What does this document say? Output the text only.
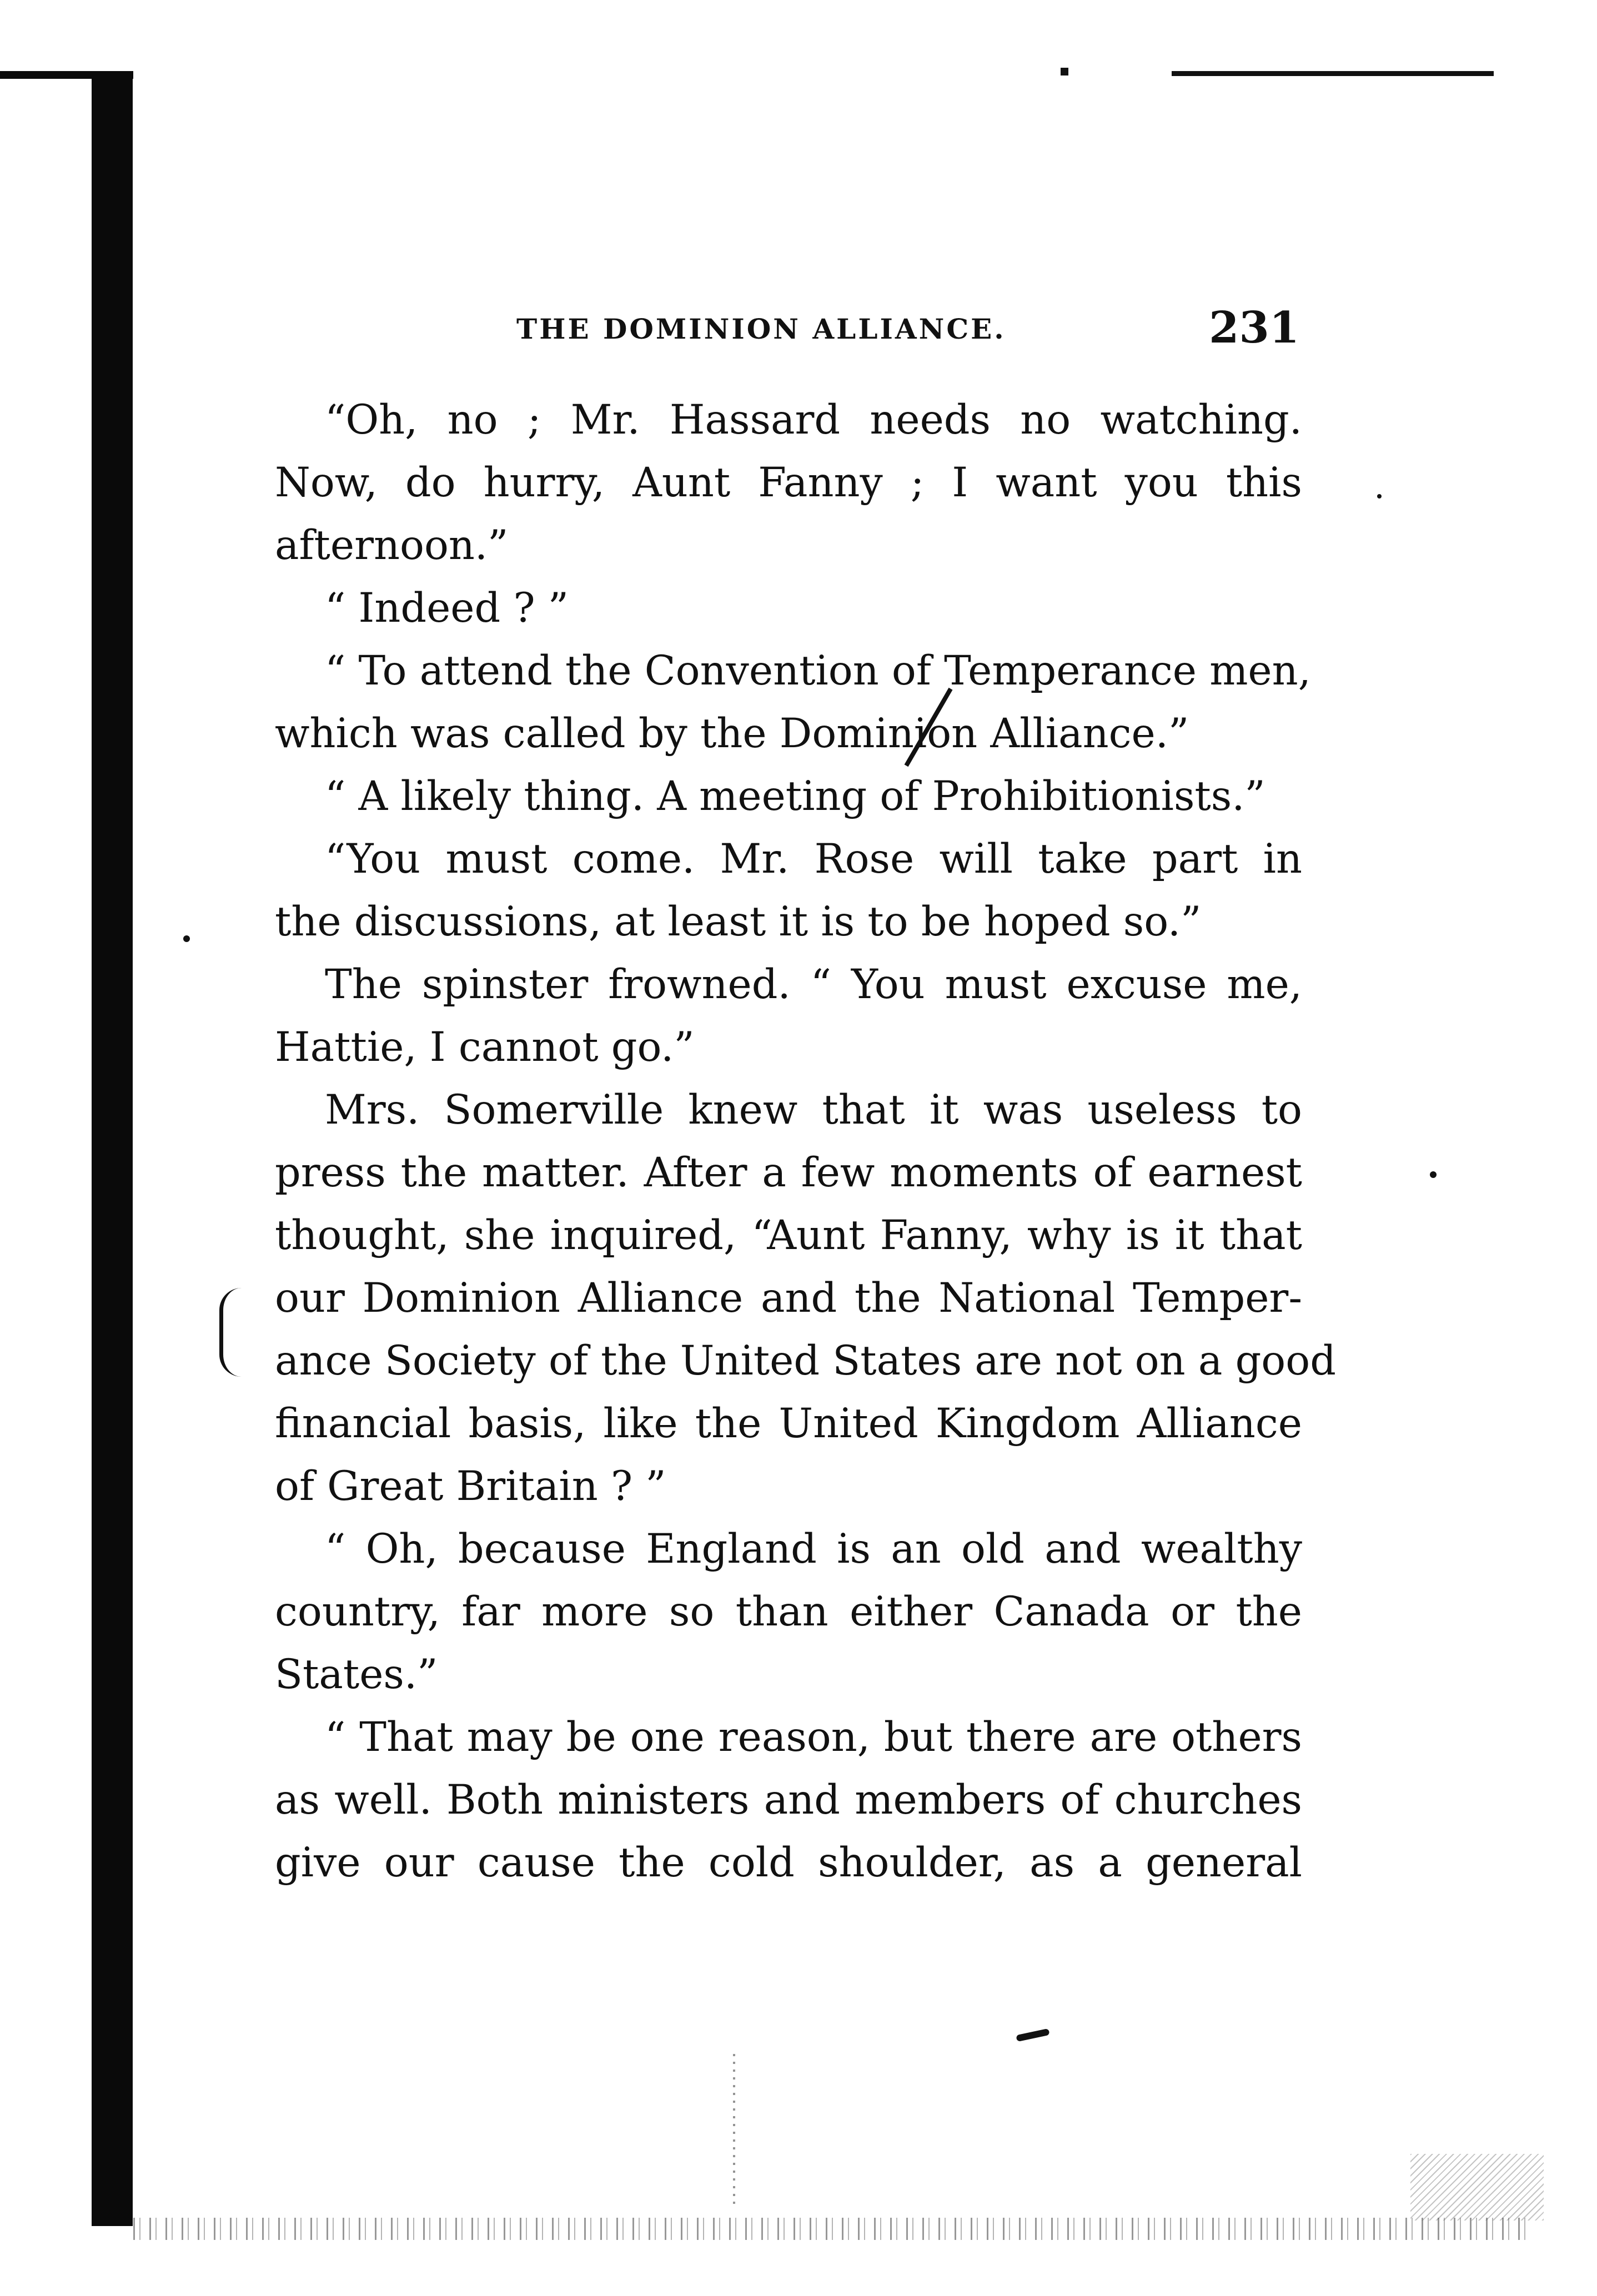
THE DOMINION ALLIANCE.	231
“Oh, no ; Mr. Hassard needs no watching.
Now, do hurry, Aunt Fanny ; I want you this
afternoon.”
“ Indeed ? ”
“ To attend the Convention of Temperance men,
which was called by the Dominion Alliance.”
“ A likely thing. A meeting of Prohibitionists.”
“You must come. Mr. Rose will take part in
the discussions, at least it is to be hoped so.”
The spinster frowned. “ You must excuse me,
Hattie, I cannot go.”
Mrs. Somerville knew that it was useless to
press the matter. After a few moments of earnest
thought, she inquired, “Aunt Fanny, why is it that
our Dominion Alliance and the National Temper-
ance Society of the United States are not on a good
financial basis, like the United Kingdom Alliance
of Great Britain ? ”
“ Oh, because England is an old and wealthy
country, far more so than either Canada or the
States.”
“ That may be one reason, but there are others
as well. Both ministers and members of churches
give our cause the cold shoulder, as a general
